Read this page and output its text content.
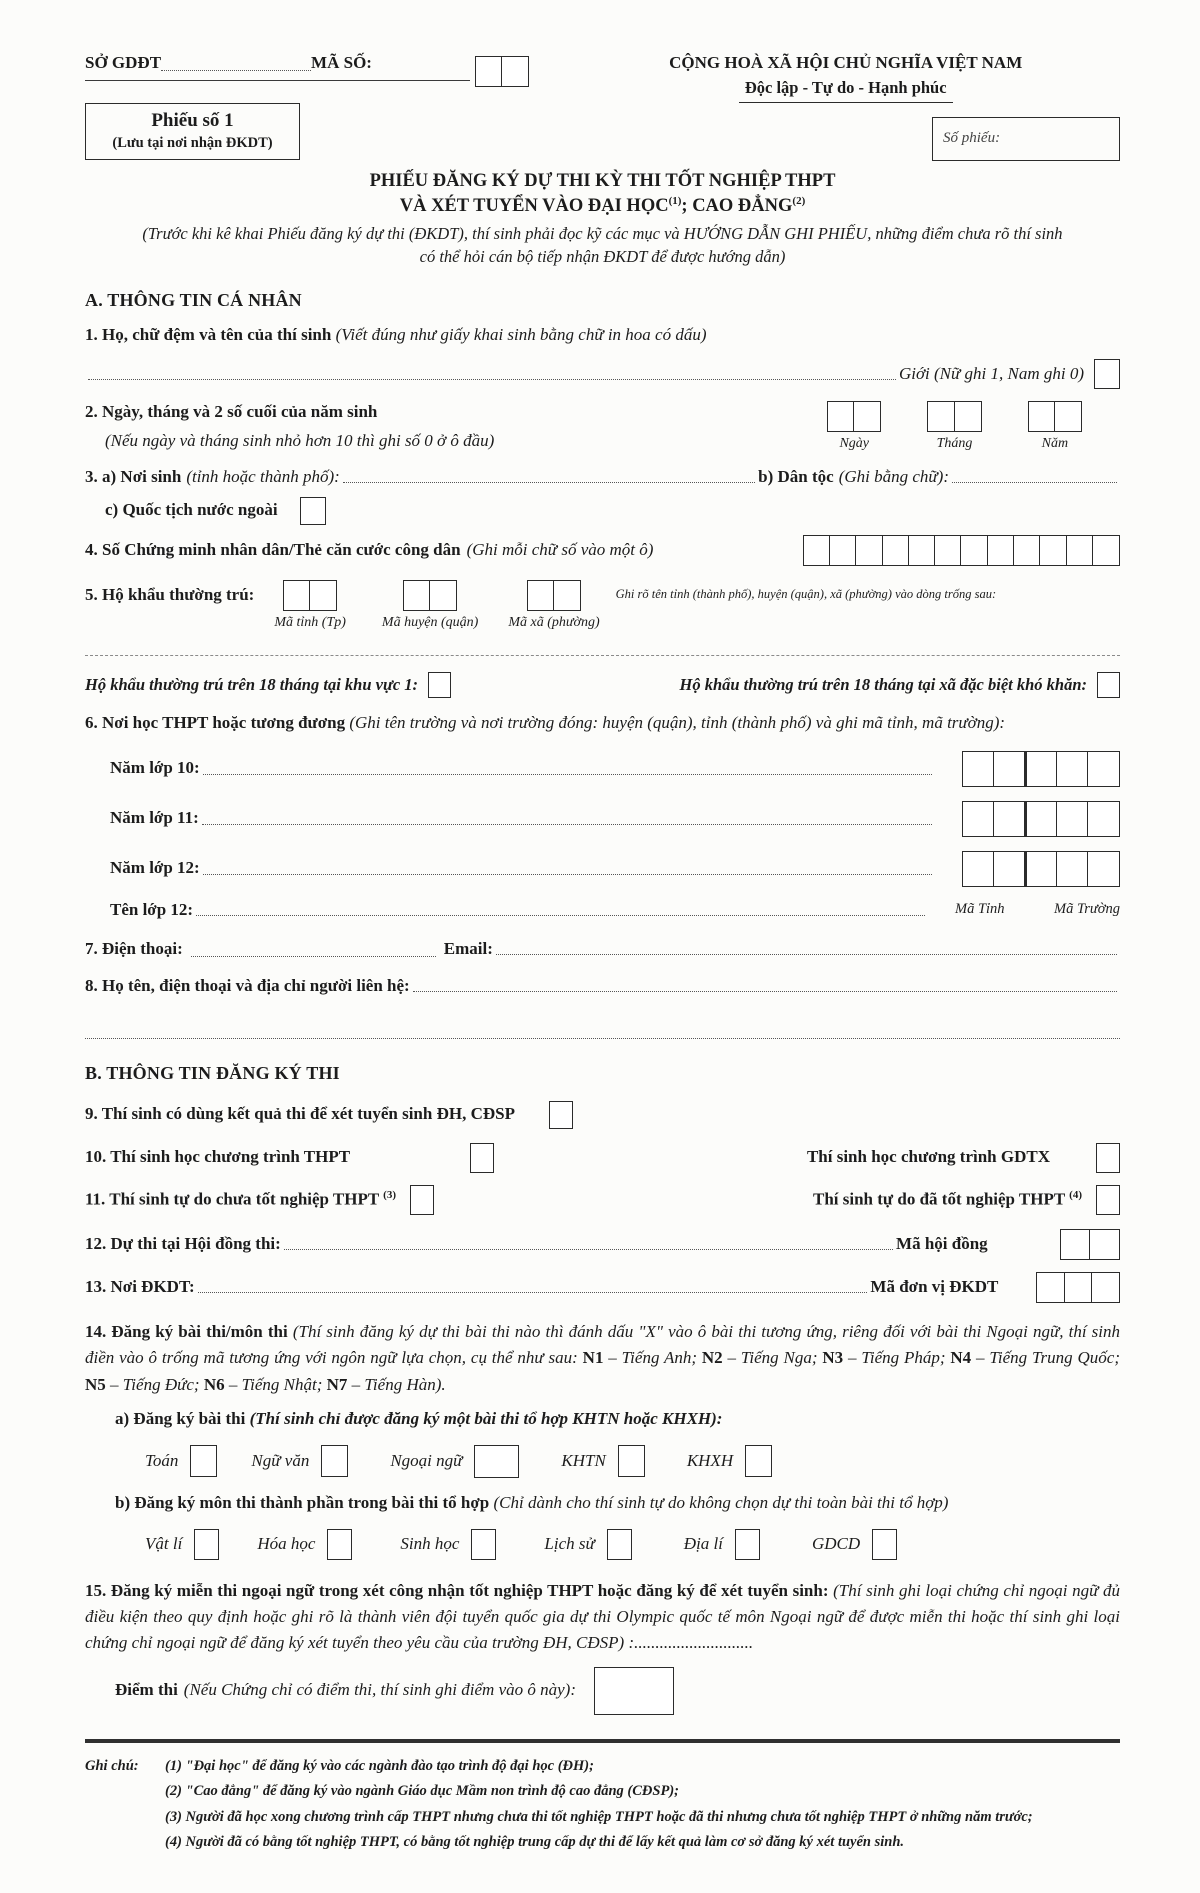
SỞ GDĐT	MÃ SỐ:
Phiếu số 1
(Lưu tại nơi nhận ĐKDT)
CỘNG HOÀ XÃ HỘI CHỦ NGHĨA VIỆT NAM
Độc lập - Tự do - Hạnh phúc
Số phiếu:
PHIẾU ĐĂNG KÝ DỰ THI KỲ THI TỐT NGHIỆP THPT
VÀ XÉT TUYỂN VÀO ĐẠI HỌC$^{(1)}$; CAO ĐẲNG$^{(2)}$
(Trước khi kê khai Phiếu đăng ký dự thi (ĐKDT), thí sinh phải đọc kỹ các mục và HƯỚNG DẪN GHI PHIẾU, những điểm chưa rõ thí sinh có thể hỏi cán bộ tiếp nhận ĐKDT để được hướng dẫn)
A. THÔNG TIN CÁ NHÂN
1. Họ, chữ đệm và tên của thí sinh (Viết đúng như giấy khai sinh bằng chữ in hoa có dấu)
Giới (Nữ ghi 1, Nam ghi 0)
2. Ngày, tháng và 2 số cuối của năm sinh
(Nếu ngày và tháng sinh nhỏ hơn 10 thì ghi số 0 ở ô đầu)	Ngày	Tháng	Năm
3. a) Nơi sinh (tỉnh hoặc thành phố):	b) Dân tộc (Ghi bằng chữ):
c) Quốc tịch nước ngoài
4. Số Chứng minh nhân dân/Thẻ căn cước công dân (Ghi mỗi chữ số vào một ô)
5. Hộ khẩu thường trú:
Mã tỉnh (Tp)	Mã huyện (quận) Mã xã (phường)
Ghi rõ tên tỉnh (thành phố), huyện (quận), xã (phường) vào dòng trống sau:
Hộ khẩu thường trú trên 18 tháng tại khu vực 1:	Hộ khẩu thường trú trên 18 tháng tại xã đặc biệt khó khăn:
6. Nơi học THPT hoặc tương đương (Ghi tên trường và nơi trường đóng: huyện (quận), tỉnh (thành phố) và ghi mã tỉnh, mã trường):
Năm lớp 10:
Năm lớp 11:
Năm lớp 12:
Tên lớp 12:	Mã Tỉnh	Mã Trường
7. Điện thoại:	Email:
8. Họ tên, điện thoại và địa chỉ người liên hệ:
B. THÔNG TIN ĐĂNG KÝ THI
9. Thí sinh có dùng kết quả thi để xét tuyển sinh ĐH, CĐSP
10. Thí sinh học chương trình THPT	Thí sinh học chương trình GDTX
11. Thí sinh tự do chưa tốt nghiệp THPT $^{(3)}$	Thí sinh tự do đã tốt nghiệp THPT $^{(4)}$
12. Dự thi tại Hội đồng thi:	Mã hội đồng
13. Nơi ĐKDT:	Mã đơn vị ĐKDT

14. Đăng ký bài thi/môn thi (Thí sinh đăng ký dự thi bài thi nào thì đánh dấu "X" vào ô bài thi tương ứng, riêng đối với bài thi Ngoại ngữ, thí sinh điền vào ô trống mã tương ứng với ngôn ngữ lựa chọn, cụ thể như sau: N1 – Tiếng Anh; N2 – Tiếng Nga; N3 – Tiếng Pháp; N4 – Tiếng Trung Quốc; N5 – Tiếng Đức; N6 – Tiếng Nhật; N7 – Tiếng Hàn).

a) Đăng ký bài thi (Thí sinh chỉ được đăng ký một bài thi tổ hợp KHTN hoặc KHXH):
Toán	Ngữ văn	Ngoại ngữ	KHTN	KHXH
b) Đăng ký môn thi thành phần trong bài thi tổ hợp (Chỉ dành cho thí sinh tự do không chọn dự thi toàn bài thi tổ hợp)
Vật lí	Hóa học	Sinh học	Lịch sử	Địa lí	GDCD

15. Đăng ký miễn thi ngoại ngữ trong xét công nhận tốt nghiệp THPT hoặc đăng ký để xét tuyển sinh: (Thí sinh ghi loại chứng chỉ ngoại ngữ đủ điều kiện theo quy định hoặc ghi rõ là thành viên đội tuyển quốc gia dự thi Olympic quốc tế môn Ngoại ngữ để được miễn thi hoặc thí sinh ghi loại chứng chỉ ngoại ngữ để đăng ký xét tuyển theo yêu cầu của trường ĐH, CĐSP) :............................

Điểm thi (Nếu Chứng chỉ có điểm thi, thí sinh ghi điểm vào ô này):
Ghi chú:	(1) "Đại học" để đăng ký vào các ngành đào tạo trình độ đại học (ĐH);
(2) "Cao đẳng" để đăng ký vào ngành Giáo dục Mầm non trình độ cao đẳng (CĐSP);
(3) Người đã học xong chương trình cấp THPT nhưng chưa thi tốt nghiệp THPT hoặc đã thi nhưng chưa tốt nghiệp THPT ở những năm trước;
(4) Người đã có bằng tốt nghiệp THPT, có bằng tốt nghiệp trung cấp dự thi để lấy kết quả làm cơ sở đăng ký xét tuyển sinh.
